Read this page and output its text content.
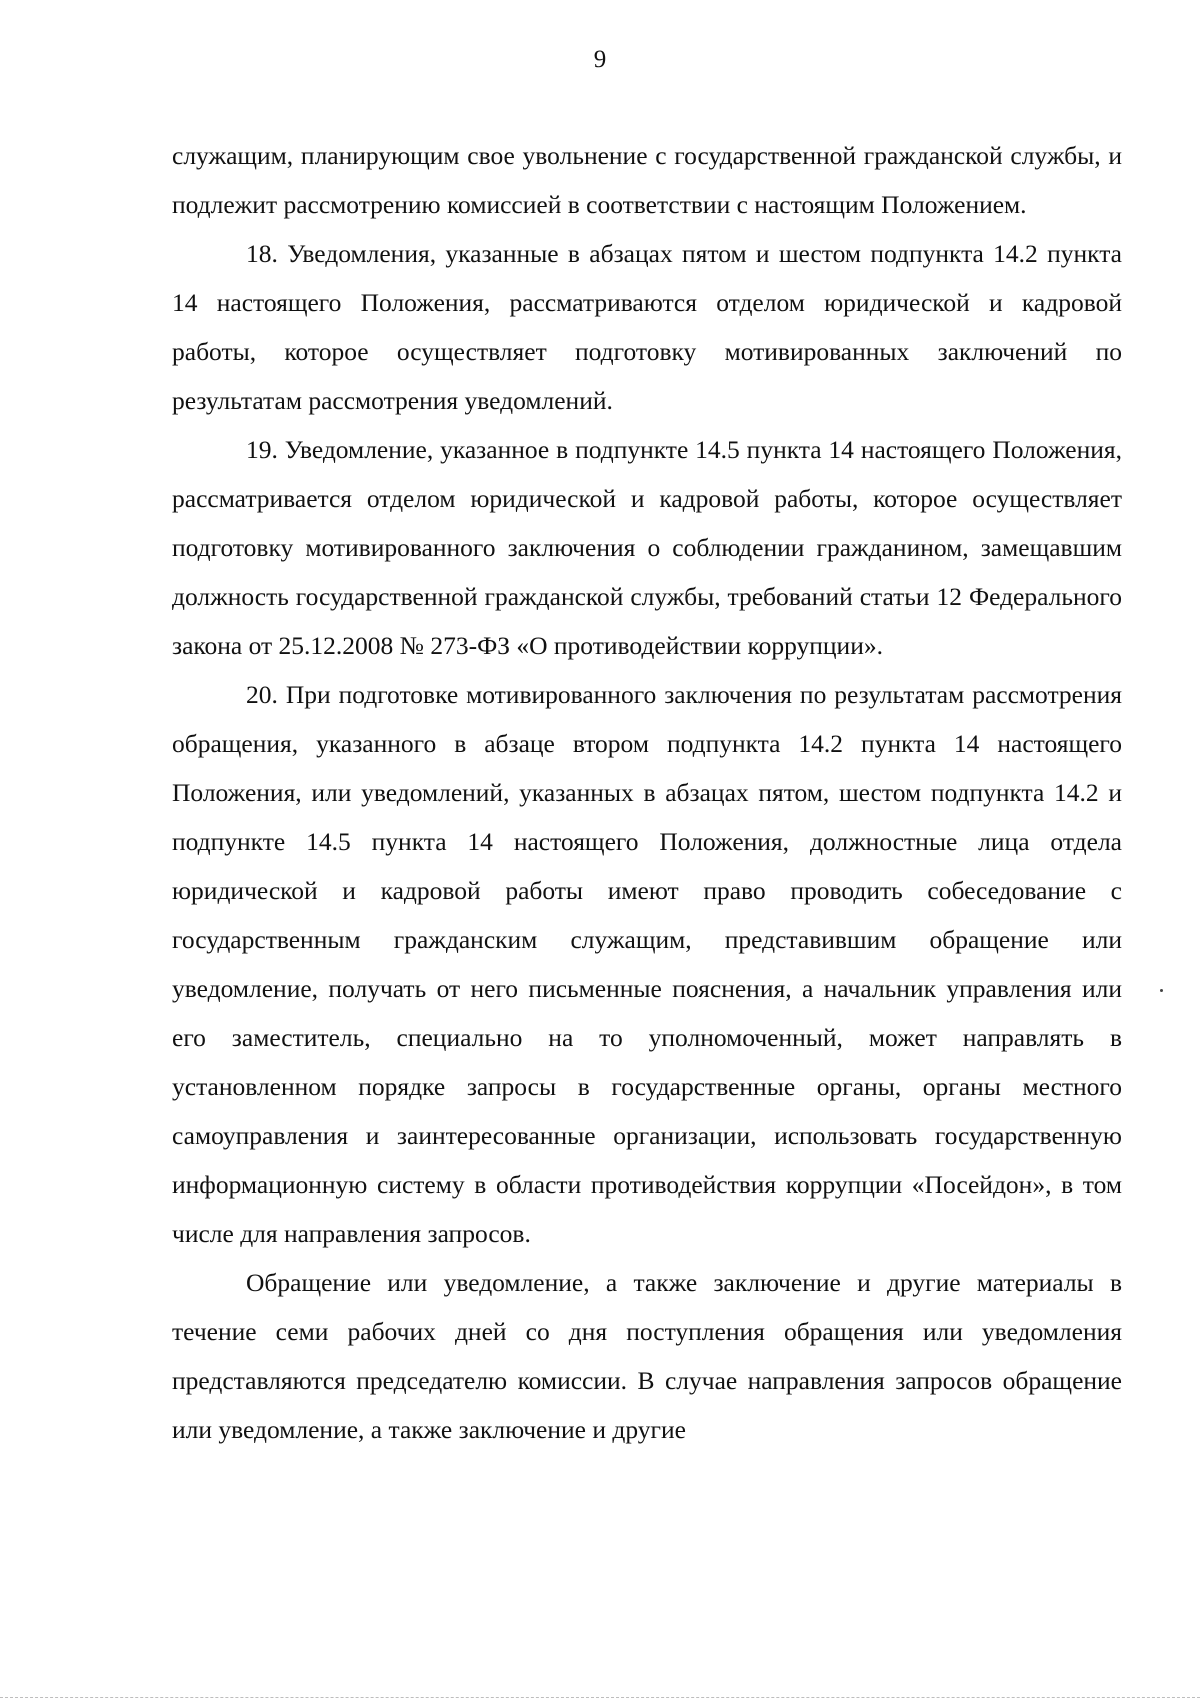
9

служащим, планирующим свое увольнение с государственной гражданской службы, и подлежит рассмотрению комиссией в соответствии с настоящим Положением.

18. Уведомления, указанные в абзацах пятом и шестом подпункта 14.2 пункта 14 настоящего Положения, рассматриваются отделом юридической и кадровой работы, которое осуществляет подготовку мотивированных заключений по результатам рассмотрения уведомлений.

19. Уведомление, указанное в подпункте 14.5 пункта 14 настоящего Положения, рассматривается отделом юридической и кадровой работы, которое осуществляет подготовку мотивированного заключения о соблюдении гражданином, замещавшим должность государственной гражданской службы, требований статьи 12 Федерального закона от 25.12.2008 № 273-ФЗ «О противодействии коррупции».

20. При подготовке мотивированного заключения по результатам рассмотрения обращения, указанного в абзаце втором подпункта 14.2 пункта 14 настоящего Положения, или уведомлений, указанных в абзацах пятом, шестом подпункта 14.2 и подпункте 14.5 пункта 14 настоящего Положения, должностные лица отдела юридической и кадровой работы имеют право проводить собеседование с государственным гражданским служащим, представившим обращение или уведомление, получать от него письменные пояснения, а начальник управления или его заместитель, специально на то уполномоченный, может направлять в установленном порядке запросы в государственные органы, органы местного самоуправления и заинтересованные организации, использовать государственную информационную систему в области противодействия коррупции «Посейдон», в том числе для направления запросов.

Обращение или уведомление, а также заключение и другие материалы в течение семи рабочих дней со дня поступления обращения или уведомления представляются председателю комиссии. В случае направления запросов обращение или уведомление, а также заключение и другие
